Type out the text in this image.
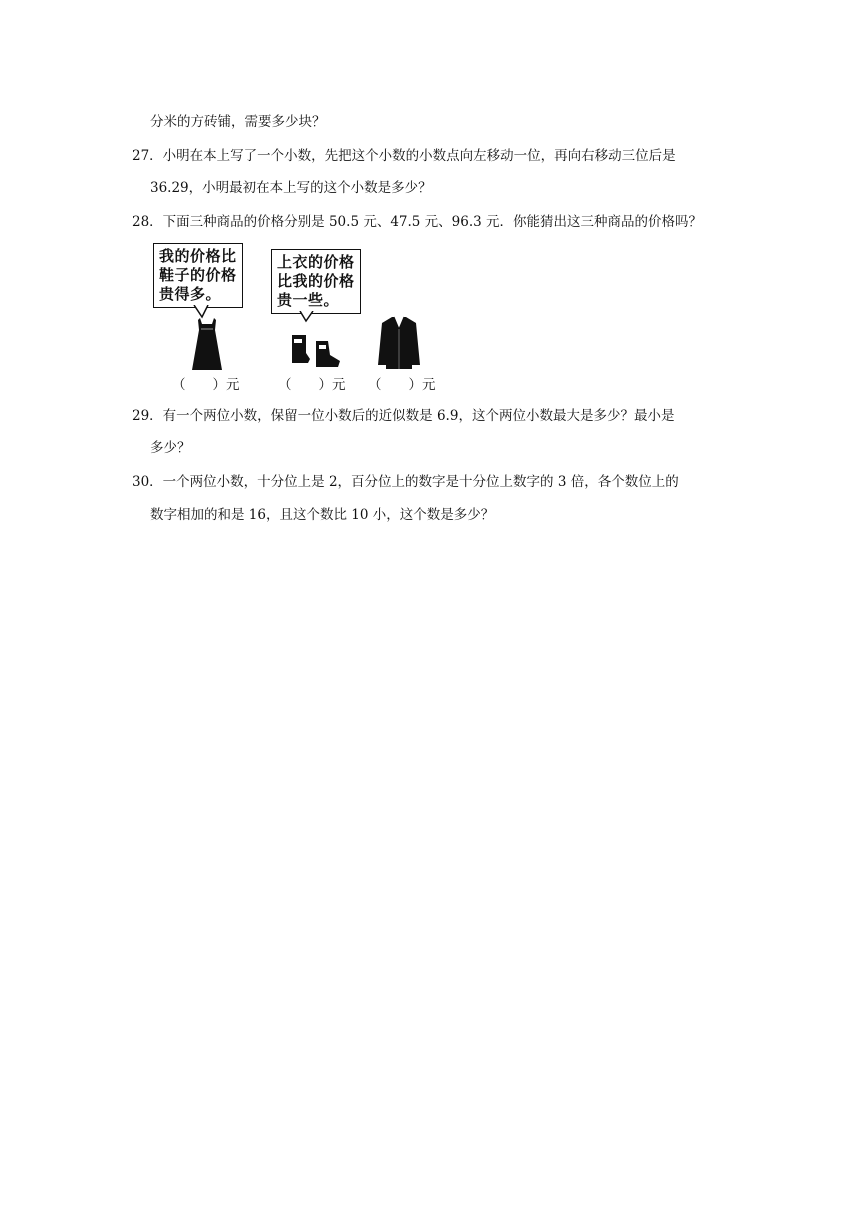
分米的方砖铺，需要多少块？
27．小明在本上写了一个小数，先把这个小数的小数点向左移动一位，再向右移动三位后是
36.29，小明最初在本上写的这个小数是多少？
28．下面三种商品的价格分别是 50.5 元、47.5 元、96.3 元．你能猜出这三种商品的价格吗？
我的价格比
鞋子的价格
贵得多。
上衣的价格
比我的价格
贵一些。
（　　）元	（　　）元 （　　）元
29．有一个两位小数，保留一位小数后的近似数是 6.9，这个两位小数最大是多少？最小是
多少？
30．一个两位小数，十分位上是 2，百分位上的数字是十分位上数字的 3 倍，各个数位上的
数字相加的和是 16，且这个数比 10 小，这个数是多少？
